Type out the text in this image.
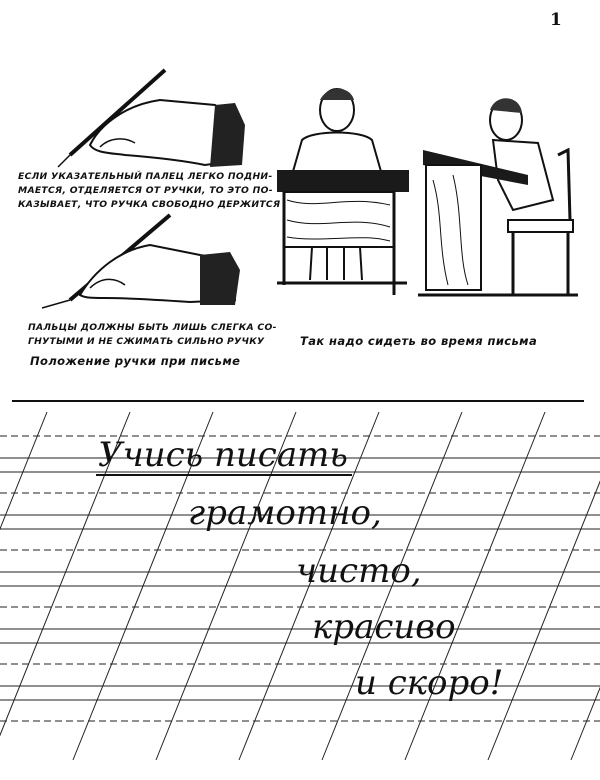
1
ЕСЛИ УКАЗАТЕЛЬНЫЙ ПАЛЕЦ ЛЕГКО ПОДНИ-
МАЕТСЯ, ОТДЕЛЯЕТСЯ ОТ РУЧКИ, ТО ЭТО ПО-
КАЗЫВАЕТ, ЧТО РУЧКА СВОБОДНО ДЕРЖИТСЯ
ПАЛЬЦЫ ДОЛЖНЫ БЫТЬ ЛИШЬ СЛЕГКА СО-
ГНУТЫМИ И НЕ СЖИМАТЬ СИЛЬНО РУЧКУ
Положение ручки при письме
Так надо сидеть во время письма
Учись писать
грамотно,
чисто,
красиво
и скоро!
